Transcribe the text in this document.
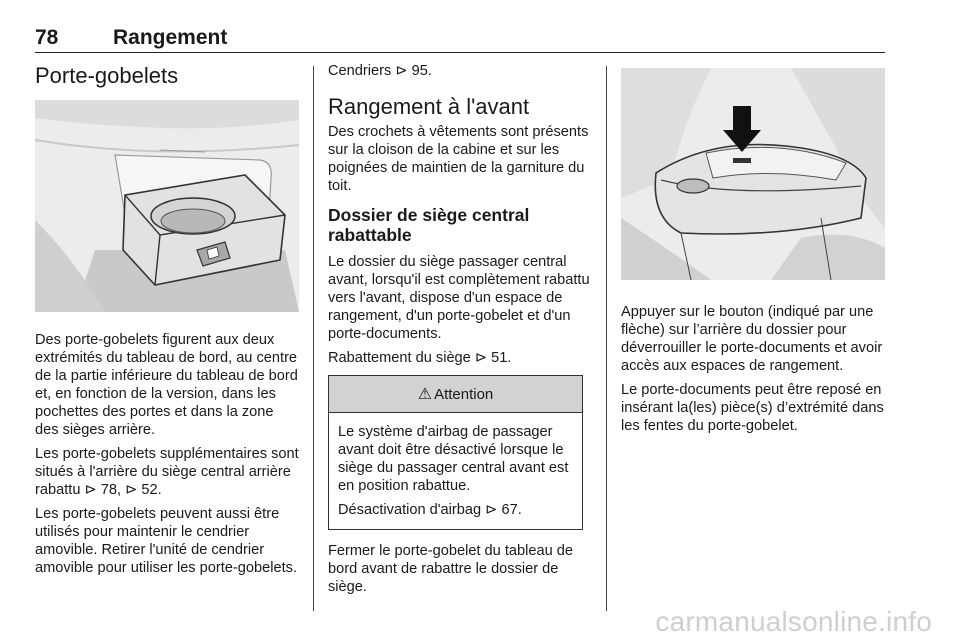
78	Rangement
Porte-gobelets

Des porte-gobelets figurent aux deux extrémités du tableau de bord, au centre de la partie inférieure du tableau de bord et, en fonction de la version, dans les pochettes des portes et dans la zone des sièges arrière.

Les porte-gobelets supplémentaires sont situés à l'arrière du siège central arrière rabattu ⊳ 78, ⊳ 52.

Les porte-gobelets peuvent aussi être utilisés pour maintenir le cendrier amovible. Retirer l'unité de cendrier amovible pour utiliser les porte-gobelets.

Cendriers ⊳ 95.

Rangement à l'avant

Des crochets à vêtements sont présents sur la cloison de la cabine et sur les poignées de maintien de la garniture du toit.

Dossier de siège central rabattable

Le dossier du siège passager central avant, lorsqu'il est complètement rabattu vers l'avant, dispose d'un espace de rangement, d'un porte-gobelet et d'un porte-documents.

Rabattement du siège ⊳ 51.

⚠ Attention

Le système d'airbag de passager avant doit être désactivé lorsque le siège du passager central avant est en position rabattue.

Désactivation d'airbag ⊳ 67.

Fermer le porte-gobelet du tableau de bord avant de rabattre le dossier de siège.

Appuyer sur le bouton (indiqué par une flèche) sur l’arrière du dossier pour déverrouiller le porte-documents et avoir accès aux espaces de rangement.

Le porte-documents peut être reposé en insérant la(les) pièce(s) d’extrémité dans les fentes du porte-gobelet.

carmanualsonline.info
